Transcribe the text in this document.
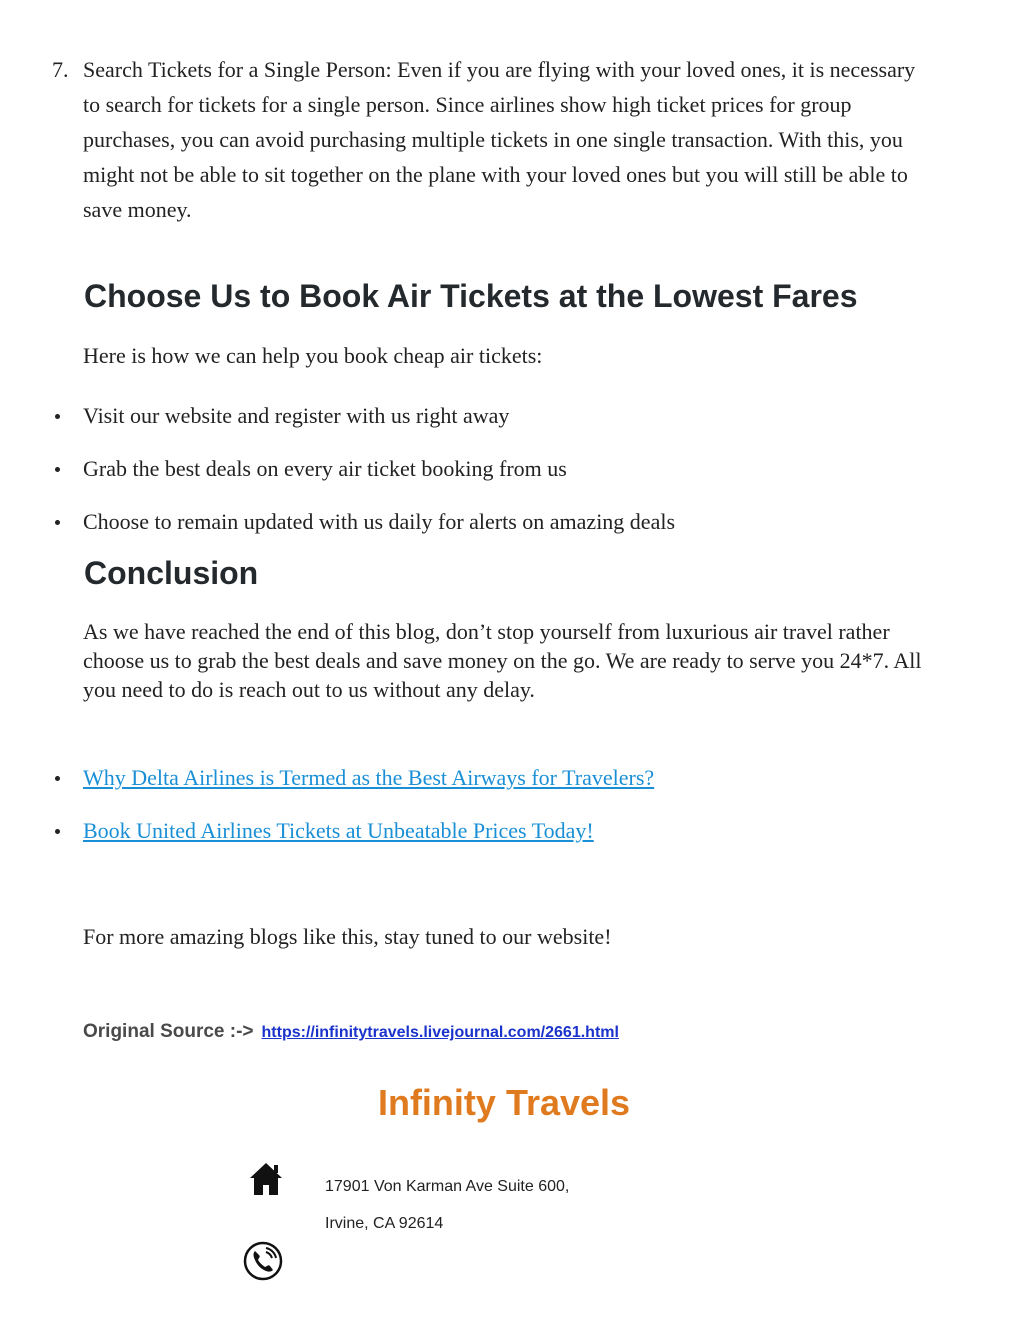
7. Search Tickets for a Single Person: Even if you are flying with your loved ones, it is necessary to search for tickets for a single person. Since airlines show high ticket prices for group purchases, you can avoid purchasing multiple tickets in one single transaction. With this, you might not be able to sit together on the plane with your loved ones but you will still be able to save money.
Choose Us to Book Air Tickets at the Lowest Fares

Here is how we can help you book cheap air tickets:

Visit our website and register with us right away
Grab the best deals on every air ticket booking from us
Choose to remain updated with us daily for alerts on amazing deals
Conclusion

As we have reached the end of this blog, don’t stop yourself from luxurious air travel rather choose us to grab the best deals and save money on the go. We are ready to serve you 24*7. All you need to do is reach out to us without any delay.

Why Delta Airlines is Termed as the Best Airways for Travelers?
Book United Airlines Tickets at Unbeatable Prices Today!

For more amazing blogs like this, stay tuned to our website!

Original Source :-> https://infinitytravels.livejournal.com/2661.html
Infinity Travels
17901 Von Karman Ave Suite 600,
Irvine, CA 92614
